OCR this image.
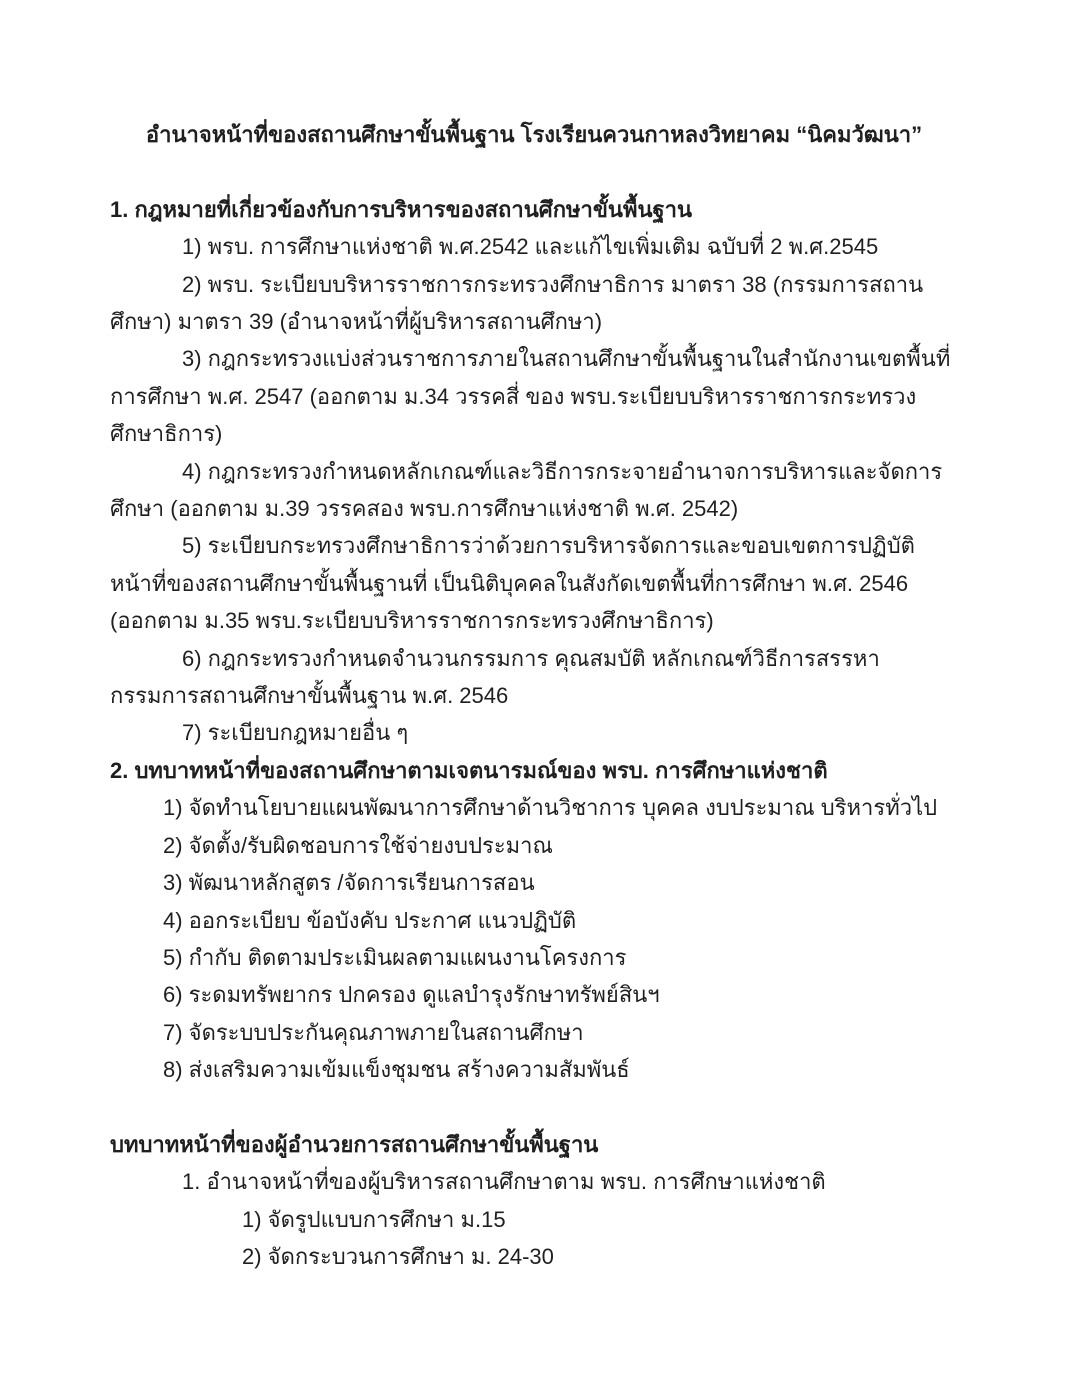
อำนาจหน้าที่ของสถานศึกษาขั้นพื้นฐาน โรงเรียนควนกาหลงวิทยาคม “นิคมวัฒนา”
1. กฎหมายที่เกี่ยวข้องกับการบริหารของสถานศึกษาขั้นพื้นฐาน
1) พรบ. การศึกษาแห่งชาติ พ.ศ.2542 และแก้ไขเพิ่มเติม ฉบับที่ 2 พ.ศ.2545
2) พรบ. ระเบียบบริหารราชการกระทรวงศึกษาธิการ มาตรา 38 (กรรมการสถานศึกษา) มาตรา 39 (อำนาจหน้าที่ผู้บริหารสถานศึกษา)
3) กฎกระทรวงแบ่งส่วนราชการภายในสถานศึกษาขั้นพื้นฐานในสำนักงานเขตพื้นที่การศึกษา พ.ศ. 2547 (ออกตาม ม.34 วรรคสี่ ของ พรบ.ระเบียบบริหารราชการกระทรวงศึกษาธิการ)
4) กฎกระทรวงกำหนดหลักเกณฑ์และวิธีการกระจายอำนาจการบริหารและจัดการศึกษา (ออกตาม ม.39 วรรคสอง พรบ.การศึกษาแห่งชาติ พ.ศ. 2542)
5) ระเบียบกระทรวงศึกษาธิการว่าด้วยการบริหารจัดการและขอบเขตการปฏิบัติหน้าที่ของสถานศึกษาขั้นพื้นฐานที่ เป็นนิติบุคคลในสังกัดเขตพื้นที่การศึกษา พ.ศ. 2546 (ออกตาม ม.35 พรบ.ระเบียบบริหารราชการกระทรวงศึกษาธิการ)
6) กฎกระทรวงกำหนดจำนวนกรรมการ คุณสมบัติ หลักเกณฑ์วิธีการสรรหากรรมการสถานศึกษาขั้นพื้นฐาน พ.ศ. 2546
7) ระเบียบกฎหมายอื่น ๆ
2. บทบาทหน้าที่ของสถานศึกษาตามเจตนารมณ์ของ พรบ. การศึกษาแห่งชาติ
1) จัดทำนโยบายแผนพัฒนาการศึกษาด้านวิชาการ บุคคล งบประมาณ บริหารทั่วไป
2) จัดตั้ง/รับผิดชอบการใช้จ่ายงบประมาณ
3) พัฒนาหลักสูตร /จัดการเรียนการสอน
4) ออกระเบียบ ข้อบังคับ ประกาศ แนวปฏิบัติ
5) กำกับ ติดตามประเมินผลตามแผนงานโครงการ
6) ระดมทรัพยากร ปกครอง ดูแลบำรุงรักษาทรัพย์สินฯ
7) จัดระบบประกันคุณภาพภายในสถานศึกษา
8) ส่งเสริมความเข้มแข็งชุมชน สร้างความสัมพันธ์
บทบาทหน้าที่ของผู้อำนวยการสถานศึกษาขั้นพื้นฐาน
1. อำนาจหน้าที่ของผู้บริหารสถานศึกษาตาม พรบ. การศึกษาแห่งชาติ
1) จัดรูปแบบการศึกษา ม.15
2) จัดกระบวนการศึกษา ม. 24-30
